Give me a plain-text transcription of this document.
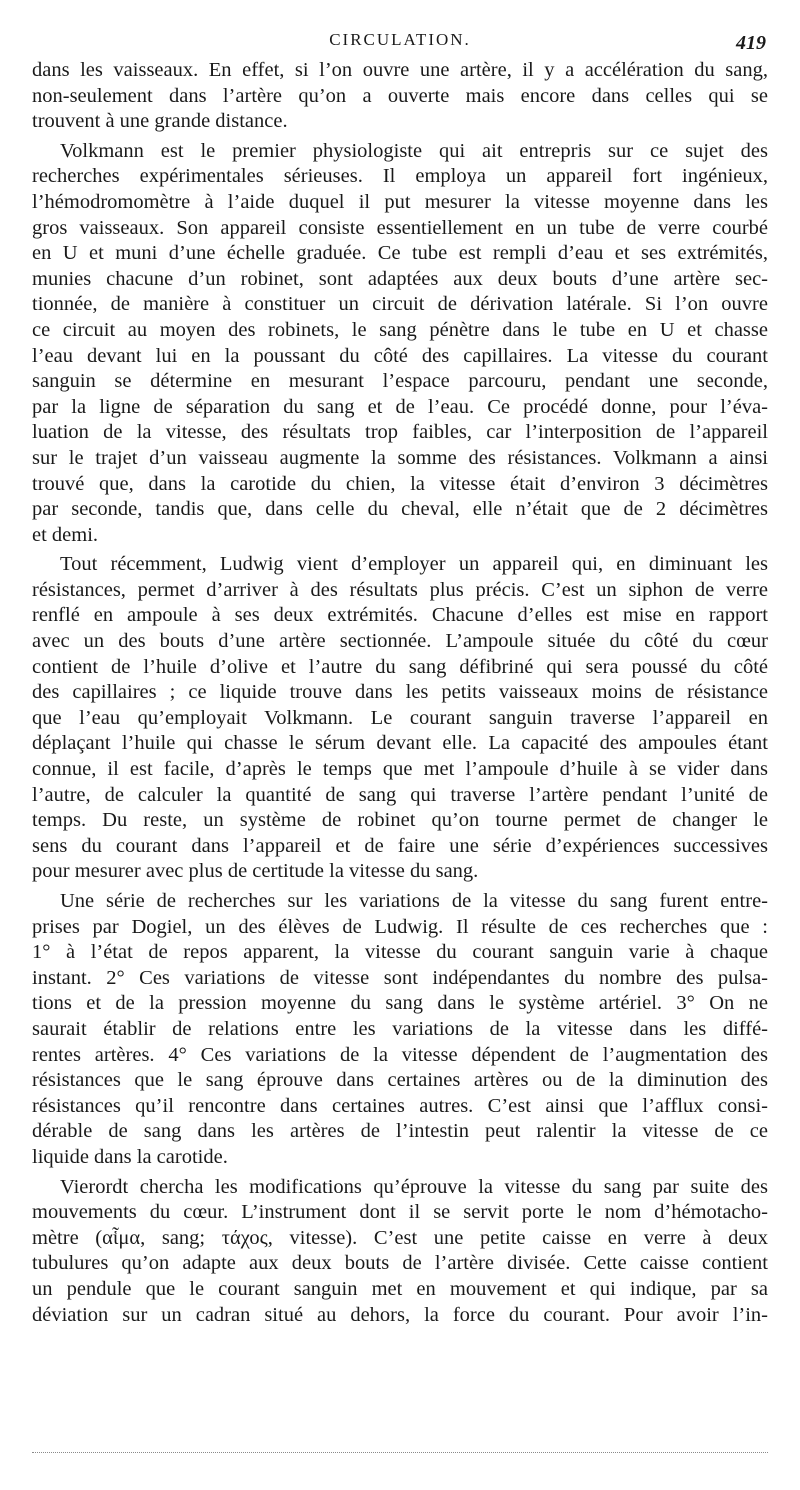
CIRCULATION.	419
dans les vaisseaux. En effet, si l’on ouvre une artère, il y a accélération du sang,
non-seulement dans l’artère qu’on a ouverte mais encore dans celles qui se
trouvent à une grande distance.
Volkmann est le premier physiologiste qui ait entrepris sur ce sujet des
recherches expérimentales sérieuses. Il employa un appareil fort ingénieux,
l’hémodromomètre à l’aide duquel il put mesurer la vitesse moyenne dans les
gros vaisseaux. Son appareil consiste essentiellement en un tube de verre courbé
en U et muni d’une échelle graduée. Ce tube est rempli d’eau et ses extrémités,
munies chacune d’un robinet, sont adaptées aux deux bouts d’une artère sec-
tionnée, de manière à constituer un circuit de dérivation latérale. Si l’on ouvre
ce circuit au moyen des robinets, le sang pénètre dans le tube en U et chasse
l’eau devant lui en la poussant du côté des capillaires. La vitesse du courant
sanguin se détermine en mesurant l’espace parcouru, pendant une seconde,
par la ligne de séparation du sang et de l’eau. Ce procédé donne, pour l’éva-
luation de la vitesse, des résultats trop faibles, car l’interposition de l’appareil
sur le trajet d’un vaisseau augmente la somme des résistances. Volkmann a ainsi
trouvé que, dans la carotide du chien, la vitesse était d’environ 3 décimètres
par seconde, tandis que, dans celle du cheval, elle n’était que de 2 décimètres
et demi.
Tout récemment, Ludwig vient d’employer un appareil qui, en diminuant les
résistances, permet d’arriver à des résultats plus précis. C’est un siphon de verre
renflé en ampoule à ses deux extrémités. Chacune d’elles est mise en rapport
avec un des bouts d’une artère sectionnée. L’ampoule située du côté du cœur
contient de l’huile d’olive et l’autre du sang défibriné qui sera poussé du côté
des capillaires ; ce liquide trouve dans les petits vaisseaux moins de résistance
que l’eau qu’employait Volkmann. Le courant sanguin traverse l’appareil en
déplaçant l’huile qui chasse le sérum devant elle. La capacité des ampoules étant
connue, il est facile, d’après le temps que met l’ampoule d’huile à se vider dans
l’autre, de calculer la quantité de sang qui traverse l’artère pendant l’unité de
temps. Du reste, un système de robinet qu’on tourne permet de changer le
sens du courant dans l’appareil et de faire une série d’expériences successives
pour mesurer avec plus de certitude la vitesse du sang.
Une série de recherches sur les variations de la vitesse du sang furent entre-
prises par Dogiel, un des élèves de Ludwig. Il résulte de ces recherches que :
1° à l’état de repos apparent, la vitesse du courant sanguin varie à chaque
instant. 2° Ces variations de vitesse sont indépendantes du nombre des pulsa-
tions et de la pression moyenne du sang dans le système artériel. 3° On ne
saurait établir de relations entre les variations de la vitesse dans les diffé-
rentes artères. 4° Ces variations de la vitesse dépendent de l’augmentation des
résistances que le sang éprouve dans certaines artères ou de la diminution des
résistances qu’il rencontre dans certaines autres. C’est ainsi que l’afflux consi-
dérable de sang dans les artères de l’intestin peut ralentir la vitesse de ce
liquide dans la carotide.
Vierordt chercha les modifications qu’éprouve la vitesse du sang par suite des
mouvements du cœur. L’instrument dont il se servit porte le nom d’hémotacho-
mètre (αἷμα, sang; τάχος, vitesse). C’est une petite caisse en verre à deux
tubulures qu’on adapte aux deux bouts de l’artère divisée. Cette caisse contient
un pendule que le courant sanguin met en mouvement et qui indique, par sa
déviation sur un cadran situé au dehors, la force du courant. Pour avoir l’in-
